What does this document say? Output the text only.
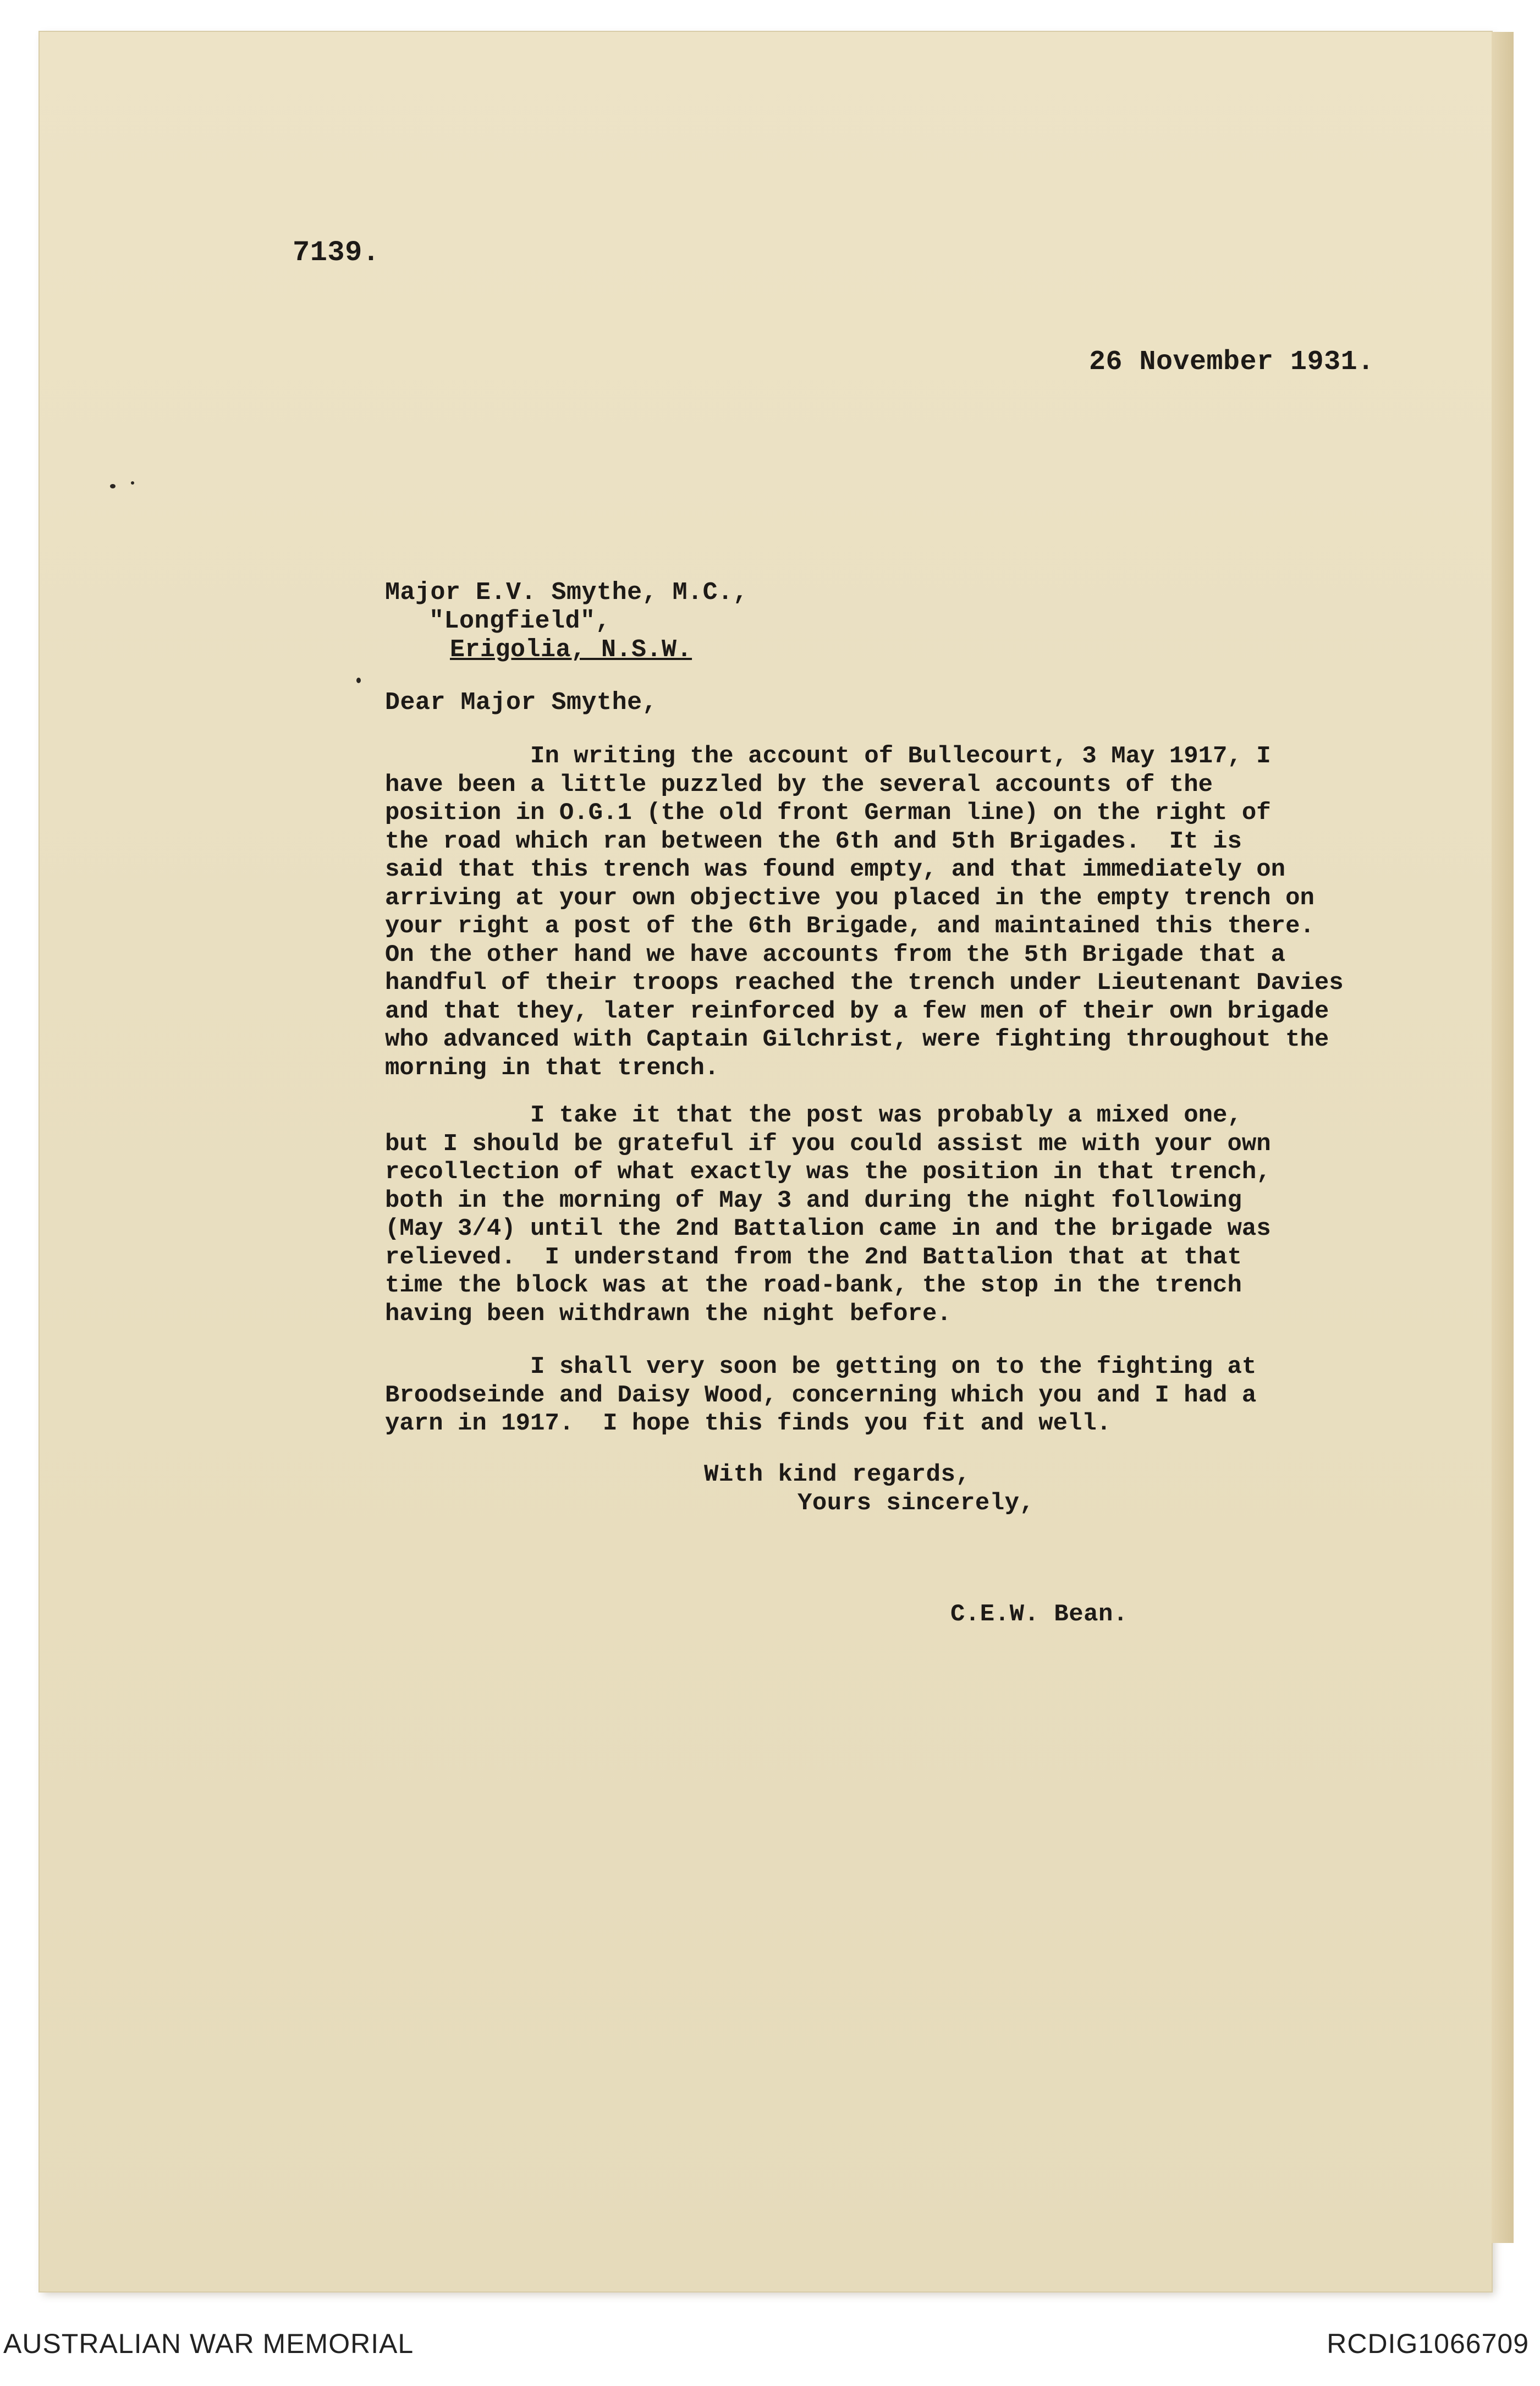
7139.
26 November 1931.
Major E.V. Smythe, M.C.,
"Longfield",
Erigolia, N.S.W.
Dear Major Smythe,
In writing the account of Bullecourt, 3 May 1917, I
have been a little puzzled by the several accounts of the
position in O.G.1 (the old front German line) on the right of
the road which ran between the 6th and 5th Brigades.  It is
said that this trench was found empty, and that immediately on
arriving at your own objective you placed in the empty trench on
your right a post of the 6th Brigade, and maintained this there.
On the other hand we have accounts from the 5th Brigade that a
handful of their troops reached the trench under Lieutenant Davies
and that they, later reinforced by a few men of their own brigade
who advanced with Captain Gilchrist, were fighting throughout the
morning in that trench.
I take it that the post was probably a mixed one,
but I should be grateful if you could assist me with your own
recollection of what exactly was the position in that trench,
both in the morning of May 3 and during the night following
(May 3/4) until the 2nd Battalion came in and the brigade was
relieved.  I understand from the 2nd Battalion that at that
time the block was at the road-bank, the stop in the trench
having been withdrawn the night before.
I shall very soon be getting on to the fighting at
Broodseinde and Daisy Wood, concerning which you and I had a
yarn in 1917.  I hope this finds you fit and well.
With kind regards,
Yours sincerely,
C.E.W. Bean.
AUSTRALIAN WAR MEMORIAL	RCDIG1066709
